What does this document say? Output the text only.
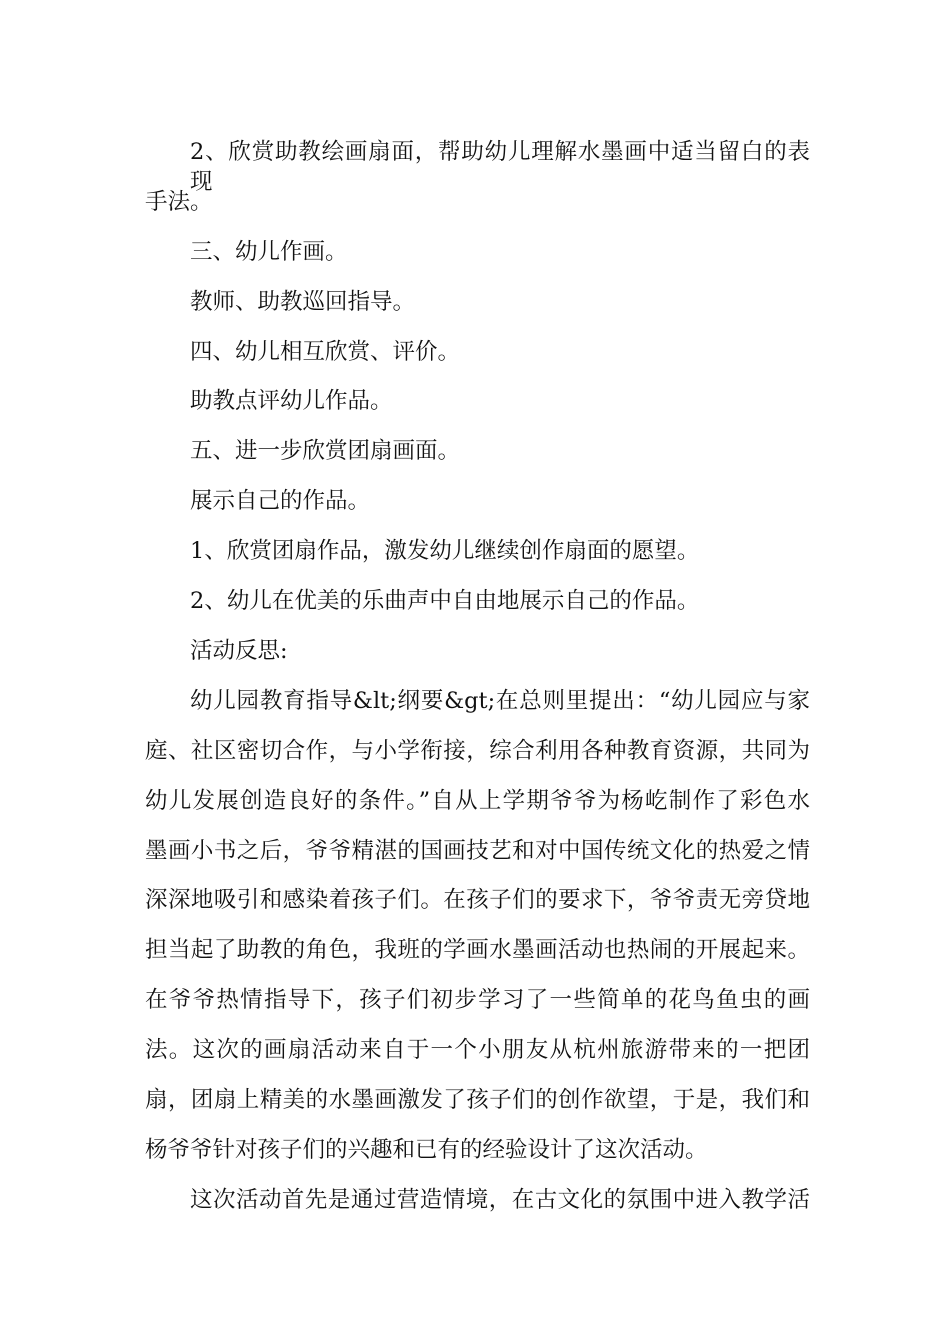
2、欣赏助教绘画扇面，帮助幼儿理解水墨画中适当留白的表现
手法。
三、幼儿作画。
教师、助教巡回指导。
四、幼儿相互欣赏、评价。
助教点评幼儿作品。
五、进一步欣赏团扇画面。
展示自己的作品。
1、欣赏团扇作品，激发幼儿继续创作扇面的愿望。
2、幼儿在优美的乐曲声中自由地展示自己的作品。
活动反思:
幼儿园教育指导&lt;纲要&gt;在总则里提出：“幼儿园应与家
庭、社区密切合作，与小学衔接，综合利用各种教育资源，共同为
幼儿发展创造良好的条件。”自从上学期爷爷为杨屹制作了彩色水
墨画小书之后，爷爷精湛的国画技艺和对中国传统文化的热爱之情
深深地吸引和感染着孩子们。在孩子们的要求下，爷爷责无旁贷地
担当起了助教的角色，我班的学画水墨画活动也热闹的开展起来。
在爷爷热情指导下，孩子们初步学习了一些简单的花鸟鱼虫的画
法。这次的画扇活动来自于一个小朋友从杭州旅游带来的一把团
扇，团扇上精美的水墨画激发了孩子们的创作欲望，于是，我们和
杨爷爷针对孩子们的兴趣和已有的经验设计了这次活动。
这次活动首先是通过营造情境，在古文化的氛围中进入教学活
